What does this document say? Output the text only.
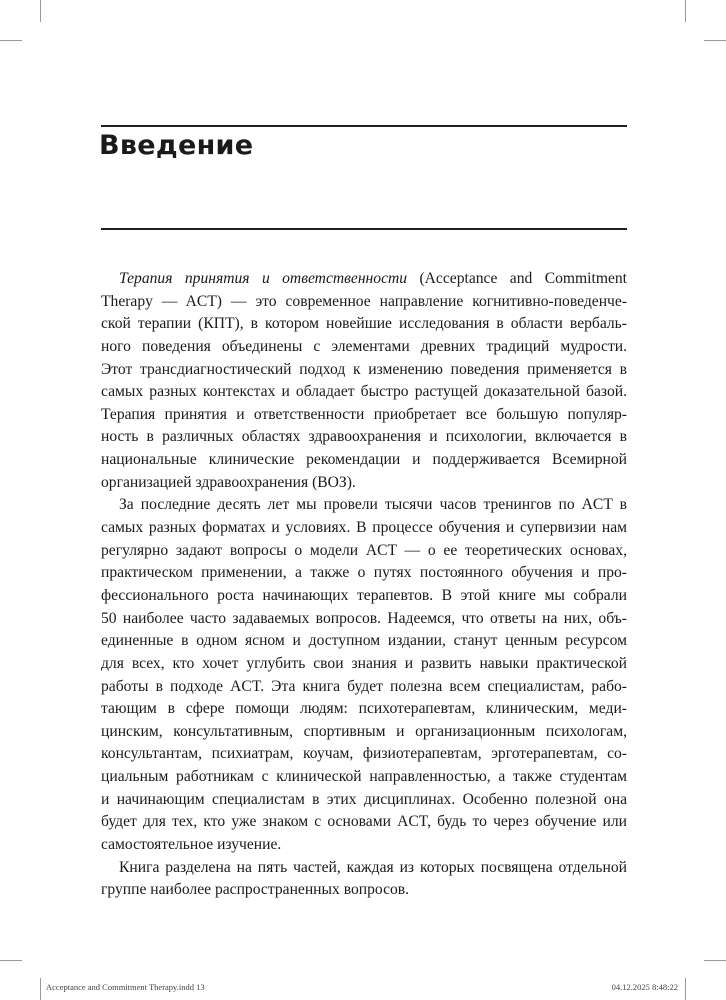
Введение
Терапия принятия и ответственности (Acceptance and Commitment
Therapy — ACT) — это современное направление когнитивно-поведенче-
ской терапии (КПТ), в котором новейшие исследования в области вербаль-
ного поведения объединены с элементами древних традиций мудрости.
Этот трансдиагностический подход к изменению поведения применяется в
самых разных контекстах и обладает быстро растущей доказательной базой.
Терапия принятия и ответственности приобретает все большую популяр-
ность в различных областях здравоохранения и психологии, включается в
национальные клинические рекомендации и поддерживается Всемирной
организацией здравоохранения (ВОЗ).
За последние десять лет мы провели тысячи часов тренингов по ACT в
самых разных форматах и условиях. В процессе обучения и супервизии нам
регулярно задают вопросы о модели ACT — о ее теоретических основах,
практическом применении, а также о путях постоянного обучения и про-
фессионального роста начинающих терапевтов. В этой книге мы собрали
50 наиболее часто задаваемых вопросов. Надеемся, что ответы на них, объ-
единенные в одном ясном и доступном издании, станут ценным ресурсом
для всех, кто хочет углубить свои знания и развить навыки практической
работы в подходе ACT. Эта книга будет полезна всем специалистам, рабо-
тающим в сфере помощи людям: психотерапевтам, клиническим, меди-
цинским, консультативным, спортивным и организационным психологам,
консультантам, психиатрам, коучам, физиотерапевтам, эрготерапевтам, со-
циальным работникам с клинической направленностью, а также студентам
и начинающим специалистам в этих дисциплинах. Особенно полезной она
будет для тех, кто уже знаком с основами ACT, будь то через обучение или
самостоятельное изучение.
Книга разделена на пять частей, каждая из которых посвящена отдельной
группе наиболее распространенных вопросов.
Acceptance and Commitment Therapy.indd 13	04.12.2025 8:48:22
